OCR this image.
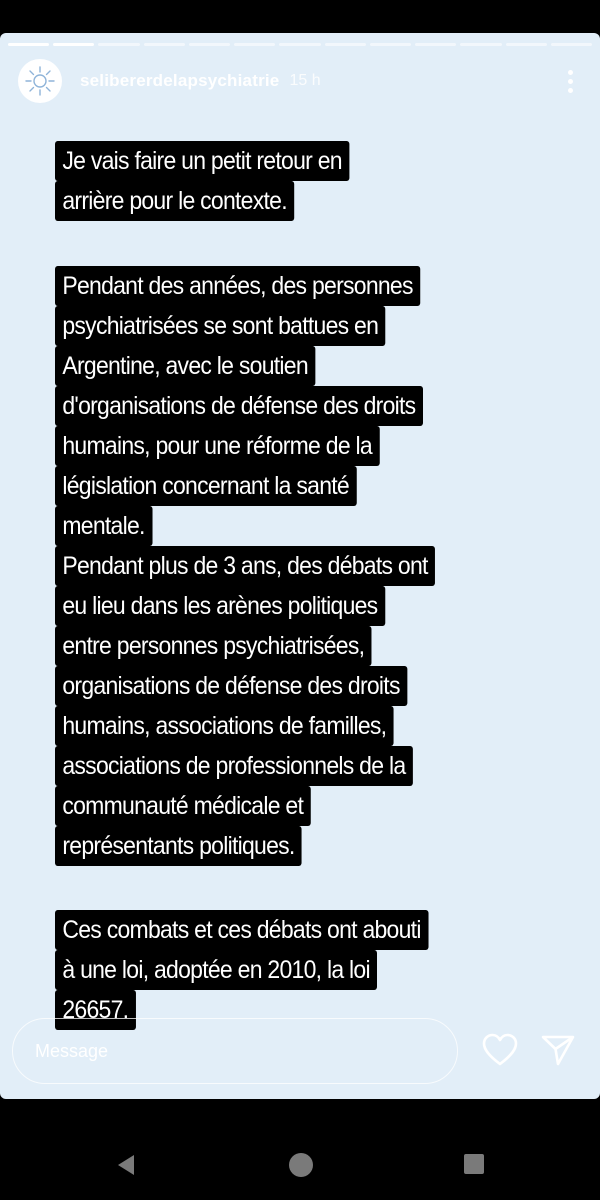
selibererdelapsychiatrie 15 h
Je vais faire un petit retour en
arrière pour le contexte.
Pendant des années, des personnes
psychiatrisées se sont battues en
Argentine, avec le soutien
d'organisations de défense des droits
humains, pour une réforme de la
législation concernant la santé
mentale.
Pendant plus de 3 ans, des débats ont
eu lieu dans les arènes politiques
entre personnes psychiatrisées,
organisations de défense des droits
humains, associations de familles,
associations de professionnels de la
communauté médicale et
représentants politiques.
Ces combats et ces débats ont abouti
à une loi, adoptée en 2010, la loi
26657.
Message
